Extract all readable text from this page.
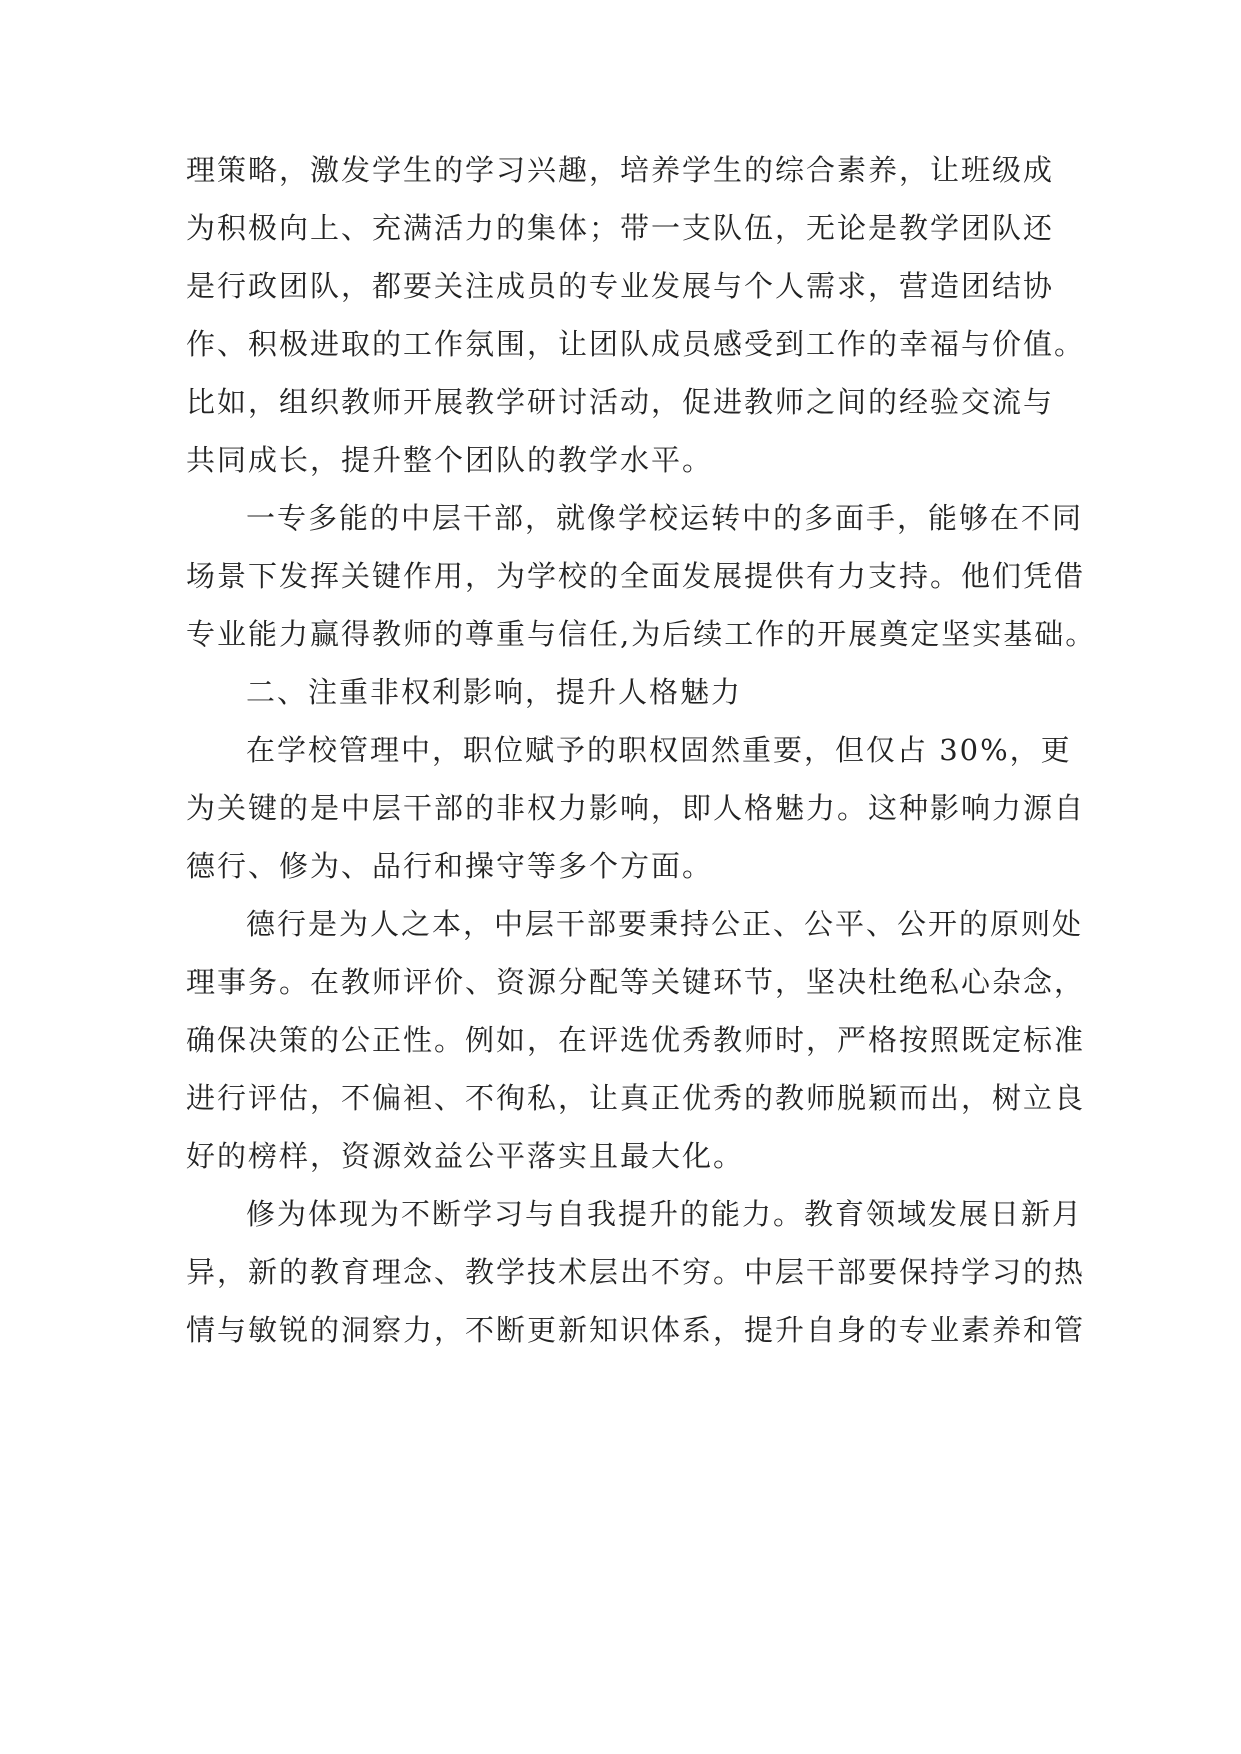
理策略，激发学生的学习兴趣，培养学生的综合素养，让班级成
为积极向上、充满活力的集体；带一支队伍，无论是教学团队还
是行政团队，都要关注成员的专业发展与个人需求，营造团结协
作、积极进取的工作氛围，让团队成员感受到工作的幸福与价值。
比如，组织教师开展教学研讨活动，促进教师之间的经验交流与
共同成长，提升整个团队的教学水平。
一专多能的中层干部，就像学校运转中的多面手，能够在不同
场景下发挥关键作用，为学校的全面发展提供有力支持。他们凭借
专业能力赢得教师的尊重与信任,为后续工作的开展奠定坚实基础。
二、注重非权利影响，提升人格魅力
在学校管理中，职位赋予的职权固然重要，但仅占 30%，更
为关键的是中层干部的非权力影响，即人格魅力。这种影响力源自
德行、修为、品行和操守等多个方面。
德行是为人之本，中层干部要秉持公正、公平、公开的原则处
理事务。在教师评价、资源分配等关键环节，坚决杜绝私心杂念，
确保决策的公正性。例如，在评选优秀教师时，严格按照既定标准
进行评估，不偏袒、不徇私，让真正优秀的教师脱颖而出，树立良
好的榜样，资源效益公平落实且最大化。
修为体现为不断学习与自我提升的能力。教育领域发展日新月
异，新的教育理念、教学技术层出不穷。中层干部要保持学习的热
情与敏锐的洞察力，不断更新知识体系，提升自身的专业素养和管
